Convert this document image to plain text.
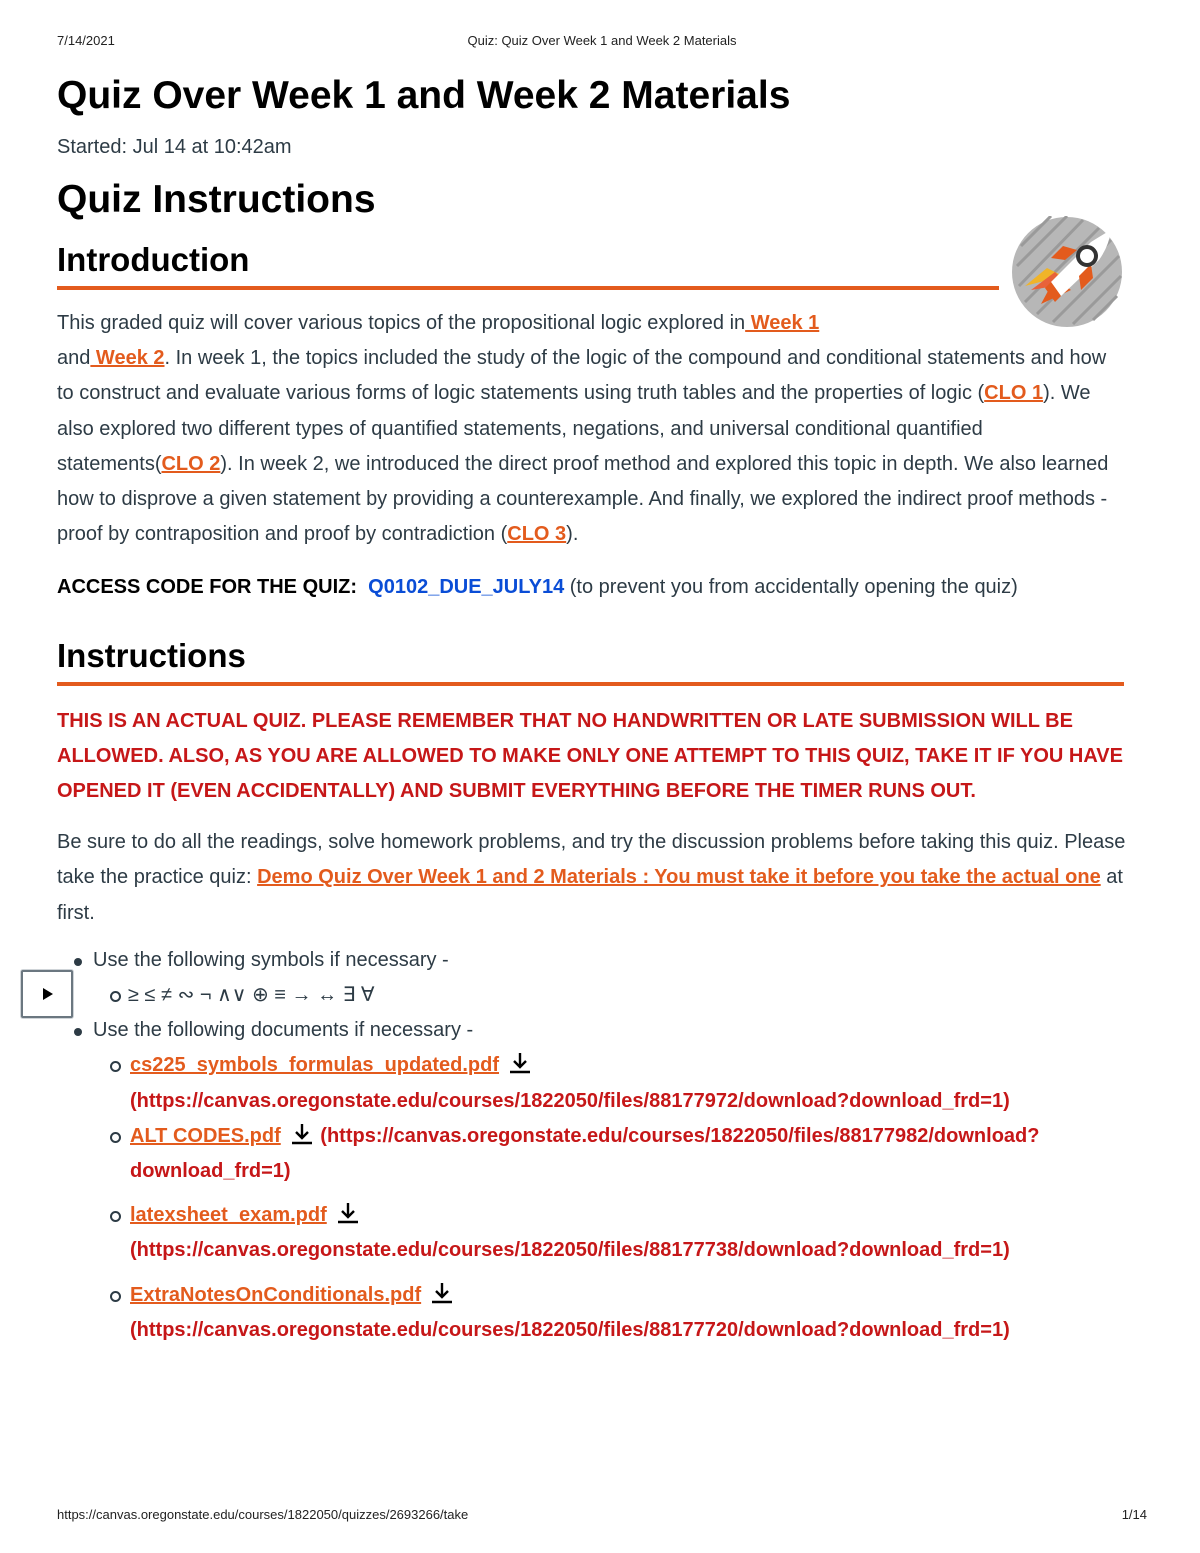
7/14/2021	Quiz: Quiz Over Week 1 and Week 2 Materials
Quiz Over Week 1 and Week 2 Materials
Started: Jul 14 at 10:42am
Quiz Instructions
Introduction

This graded quiz will cover various topics of the propositional logic explored in Week 1
and Week 2. In week 1, the topics included the study of the logic of the compound and conditional statements and how to construct and evaluate various forms of logic statements using truth tables and the properties of logic (CLO 1). We also explored two different types of quantified statements, negations, and universal conditional quantified statements(CLO 2). In week 2, we introduced the direct proof method and explored this topic in depth. We also learned how to disprove a given statement by providing a counterexample. And finally, we explored the indirect proof methods - proof by contraposition and proof by contradiction (CLO 3).

ACCESS CODE FOR THE QUIZ: Q0102_DUE_JULY14 (to prevent you from accidentally opening the quiz)

Instructions

THIS IS AN ACTUAL QUIZ. PLEASE REMEMBER THAT NO HANDWRITTEN OR LATE SUBMISSION WILL BE ALLOWED. ALSO, AS YOU ARE ALLOWED TO MAKE ONLY ONE ATTEMPT TO THIS QUIZ, TAKE IT IF YOU HAVE OPENED IT (EVEN ACCIDENTALLY) AND SUBMIT EVERYTHING BEFORE THE TIMER RUNS OUT.

Be sure to do all the readings, solve homework problems, and try the discussion problems before taking this quiz. Please take the practice quiz: Demo Quiz Over Week 1 and 2 Materials : You must take it before you take the actual one at first.

Use the following symbols if necessary -
≥ ≤ ≠ ∾ ¬ ∧∨ ⊕ ≡ → ↔ ∃ ∀
Use the following documents if necessary -
cs225_symbols_formulas_updated.pdf
(https://canvas.oregonstate.edu/courses/1822050/files/88177972/download?download_frd=1)
ALT CODES.pdf (https://canvas.oregonstate.edu/courses/1822050/files/88177982/download?download_frd=1)
latexsheet_exam.pdf
(https://canvas.oregonstate.edu/courses/1822050/files/88177738/download?download_frd=1)
ExtraNotesOnConditionals.pdf
(https://canvas.oregonstate.edu/courses/1822050/files/88177720/download?download_frd=1)
https://canvas.oregonstate.edu/courses/1822050/quizzes/2693266/take	1/14
